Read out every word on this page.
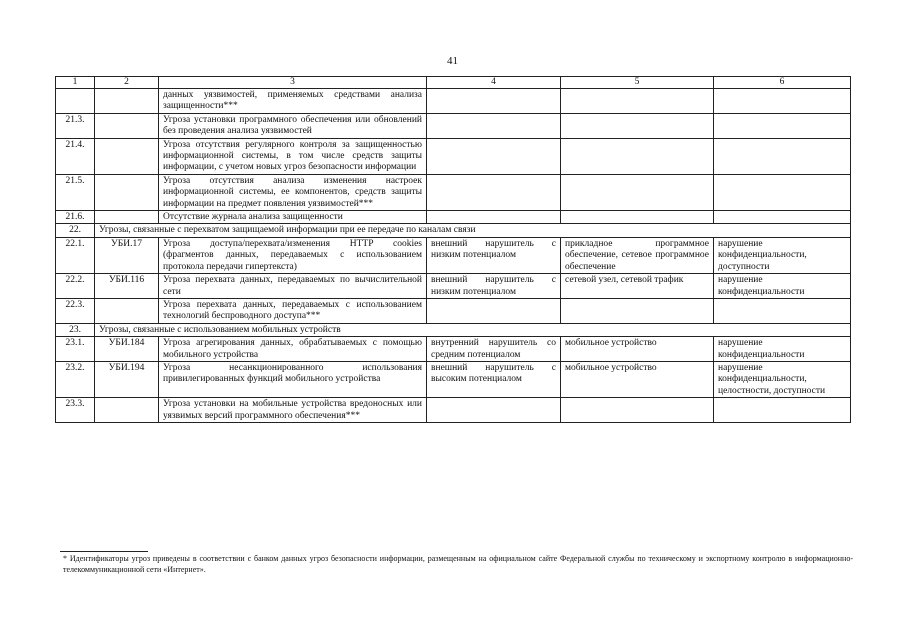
41
1	2	3	4	5	6
		данных уязвимостей, применяемых средствами анализа защищенности***			
21.3.		Угроза установки программного обеспечения или обновлений без проведения анализа уязвимостей			
21.4.		Угроза отсутствия регулярного контроля за защищенностью информационной системы, в том числе средств защиты информации, с учетом новых угроз безопасности информации			
21.5.		Угроза отсутствия анализа изменения настроек информационной системы, ее компонентов, средств защиты информации на предмет появления уязвимостей***			
21.6.		Отсутствие журнала анализа защищенности			
22.	Угрозы, связанные с перехватом защищаемой информации при ее передаче по каналам связи				
22.1.	УБИ.17	Угроза доступа/перехвата/изменения HTTP cookies (фрагментов данных, передаваемых с использованием протокола передачи гипертекста)	внешний нарушитель с низким потенциалом	прикладное программное обеспечение, сетевое программное обеспечение	нарушение конфиденциальности, доступности
22.2.	УБИ.116	Угроза перехвата данных, передаваемых по вычислительной сети	внешний нарушитель с низким потенциалом	сетевой узел, сетевой трафик	нарушение конфиденциальности
22.3.		Угроза перехвата данных, передаваемых с использованием технологий беспроводного доступа***			
23.	Угрозы, связанные с использованием мобильных устройств				
23.1.	УБИ.184	Угроза агрегирования данных, обрабатываемых с помощью мобильного устройства	внутренний нарушитель со средним потенциалом	мобильное устройство	нарушение конфиденциальности
23.2.	УБИ.194	Угроза несанкционированного использования привилегированных функций мобильного устройства	внешний нарушитель с высоким потенциалом	мобильное устройство	нарушение конфиденциальности, целостности, доступности
23.3.		Угроза установки на мобильные устройства вредоносных или уязвимых версий программного обеспечения***			
* Идентификаторы угроз приведены в соответствии с банком данных угроз безопасности информации, размещенным на официальном сайте Федеральной службы по техническому и экспортному контролю в информационно-телекоммуникационной сети «Интернет».
